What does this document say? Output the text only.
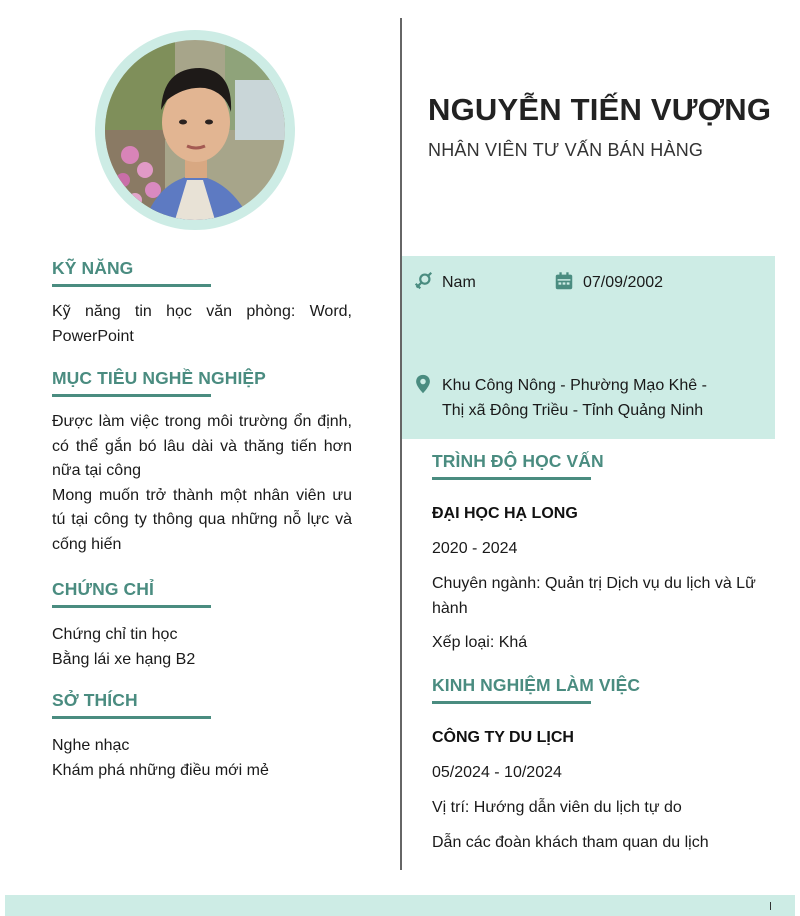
KỸ NĂNG
Kỹ năng tin học văn phòng: Word, PowerPoint
MỤC TIÊU NGHỀ NGHIỆP
Được làm việc trong môi trường ổn định, có thể gắn bó lâu dài và thăng tiến hơn nữa tại công
Mong muốn trở thành một nhân viên ưu tú tại công ty thông qua những nỗ lực và cống hiến
CHỨNG CHỈ
Chứng chỉ tin học
Bằng lái xe hạng B2
SỞ THÍCH
Nghe nhạc
Khám phá những điều mới mẻ
NGUYỄN TIẾN VƯỢNG
NHÂN VIÊN TƯ VẤN BÁN HÀNG
Nam	07/09/2002
Khu Công Nông - Phường Mạo Khê -
Thị xã Đông Triều - Tỉnh Quảng Ninh
TRÌNH ĐỘ HỌC VẤN
ĐẠI HỌC HẠ LONG
2020 - 2024
Chuyên ngành: Quản trị Dịch vụ du lịch và Lữ hành
Xếp loại: Khá
KINH NGHIỆM LÀM VIỆC
CÔNG TY DU LỊCH
05/2024 - 10/2024
Vị trí: Hướng dẫn viên du lịch tự do
Dẫn các đoàn khách tham quan du lịch
